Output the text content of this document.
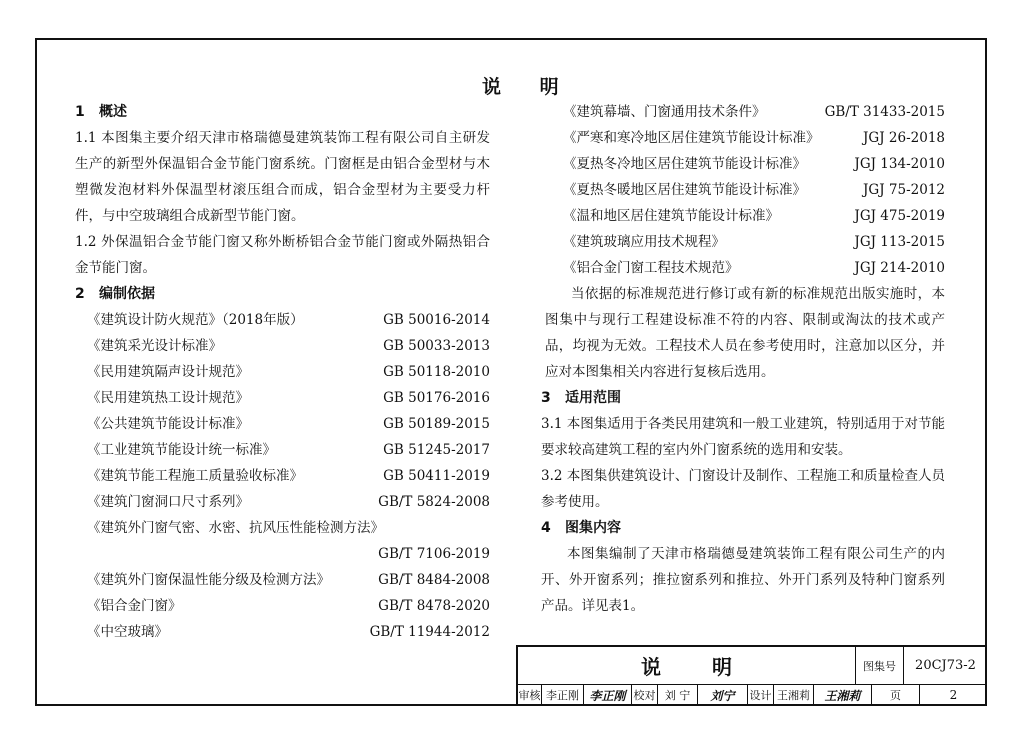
说 明
1 概述
1.1 本图集主要介绍天津市格瑞德曼建筑装饰工程有限公司自主研发生产的新型外保温铝合金节能门窗系统。门窗框是由铝合金型材与木塑微发泡材料外保温型材滚压组合而成，铝合金型材为主要受力杆件，与中空玻璃组合成新型节能门窗。
1.2 外保温铝合金节能门窗又称外断桥铝合金节能门窗或外隔热铝合金节能门窗。
2 编制依据
《建筑设计防火规范》（2018年版）	GB 50016-2014
《建筑采光设计标准》	GB 50033-2013
《民用建筑隔声设计规范》	GB 50118-2010
《民用建筑热工设计规范》	GB 50176-2016
《公共建筑节能设计标准》	GB 50189-2015
《工业建筑节能设计统一标准》	GB 51245-2017
《建筑节能工程施工质量验收标准》	GB 50411-2019
《建筑门窗洞口尺寸系列》	GB/T 5824-2008
《建筑外门窗气密、水密、抗风压性能检测方法》
GB/T 7106-2019
《建筑外门窗保温性能分级及检测方法》	GB/T 8484-2008
《铝合金门窗》	GB/T 8478-2020
《中空玻璃》	GB/T 11944-2012
《建筑幕墙、门窗通用技术条件》	GB/T 31433-2015
《严寒和寒冷地区居住建筑节能设计标准》	JGJ 26-2018
《夏热冬冷地区居住建筑节能设计标准》	JGJ 134-2010
《夏热冬暖地区居住建筑节能设计标准》	JGJ 75-2012
《温和地区居住建筑节能设计标准》	JGJ 475-2019
《建筑玻璃应用技术规程》	JGJ 113-2015
《铝合金门窗工程技术规范》	JGJ 214-2010
当依据的标准规范进行修订或有新的标准规范出版实施时，本图集中与现行工程建设标准不符的内容、限制或淘汰的技术或产品，均视为无效。工程技术人员在参考使用时，注意加以区分，并应对本图集相关内容进行复核后选用。
3 适用范围
3.1 本图集适用于各类民用建筑和一般工业建筑，特别适用于对节能要求较高建筑工程的室内外门窗系统的选用和安装。
3.2 本图集供建筑设计、门窗设计及制作、工程施工和质量检查人员参考使用。
4 图集内容
本图集编制了天津市格瑞德曼建筑装饰工程有限公司生产的内开、外开窗系列；推拉窗系列和推拉、外开门系列及特种门窗系列产品。详见表1。
说 明	图集号	20CJ73-2
审核 李正刚 李正刚 校对 刘 宁	刘宁	设计 王湘莉	王湘莉	页	2
